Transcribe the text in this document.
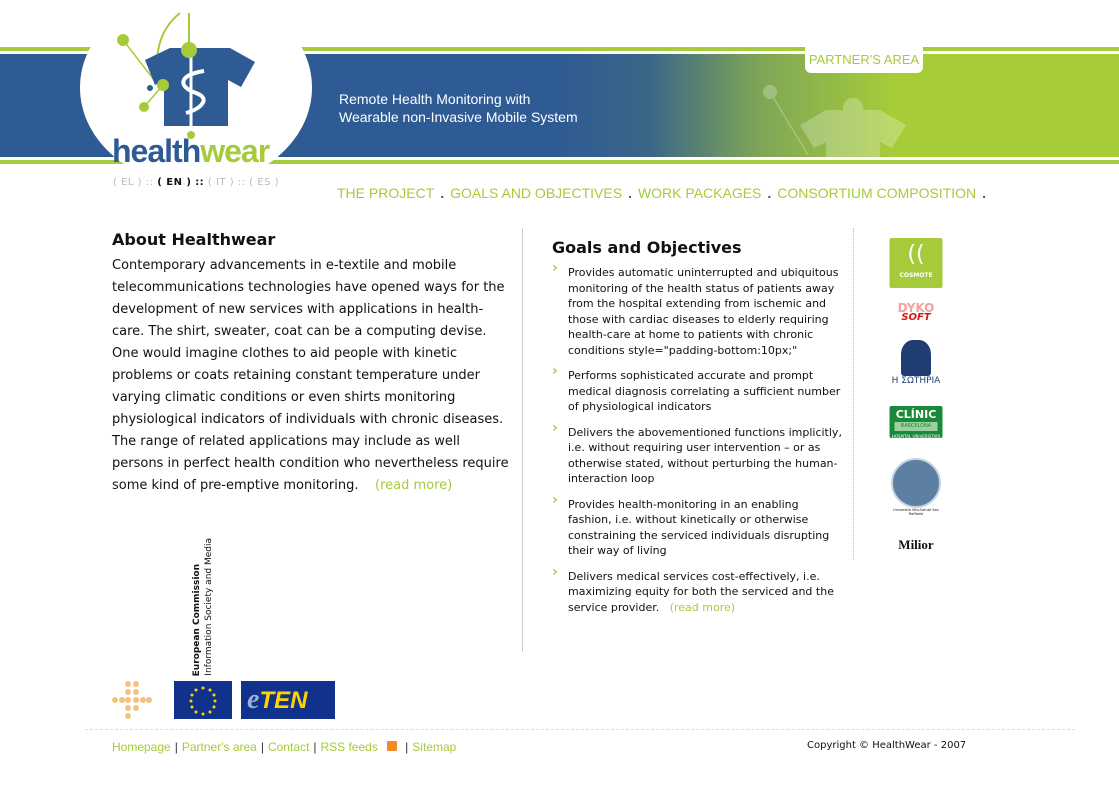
healthwear
Remote Health Monitoring with
Wearable non-Invasive Mobile System
PARTNER'S AREA
( EL ) :: ( EN ) :: ( IT ) :: ( ES )
THE PROJECT . GOALS AND OBJECTIVES . WORK PACKAGES . CONSORTIUM COMPOSITION .
About Healthwear

Contemporary advancements in e-textile and mobile telecommunications technologies have opened ways for the development of new services with applications in health-care. The shirt, sweater, coat can be a computing devise. One would imagine clothes to aid people with kinetic problems or coats retaining constant temperature under varying climatic conditions or even shirts monitoring physiological indicators of individuals with chronic diseases. The range of related applications may include as well persons in perfect health condition who nevertheless require some kind of pre-emptive monitoring. (read more)

Goals and Objectives
› Provides automatic uninterrupted and ubiquitous monitoring of the health status of patients away from the hospital extending from ischemic and those with cardiac diseases to elderly requiring health-care at home to patients with chronic conditions style="padding-bottom:10px;"
› Performs sophisticated accurate and prompt medical diagnosis correlating a sufficient number of physiological indicators
› Delivers the abovementioned functions implicitly, i.e. without requiring user intervention – or as otherwise stated, without perturbing the human-interaction loop
› Provides health-monitoring in an enabling fashion, i.e. without kinetically or otherwise constraining the serviced individuals disrupting their way of living
› Delivers medical services cost-effectively, i.e. maximizing equity for both the serviced and the service provider. (read more)
((
COSMOTE
DYKO
SOFT
Η ΣΩΤΗΡΙΑ
CLÍNIC
BARCELONA
HOSPITAL UNIVERSITARI
Università Vita-Salute San Raffaele
Milior
European Commission Information Society and Media
eTEN
Homepage | Partner's area | Contact | RSS feeds | Sitemap	Copyright © HealthWear - 2007
